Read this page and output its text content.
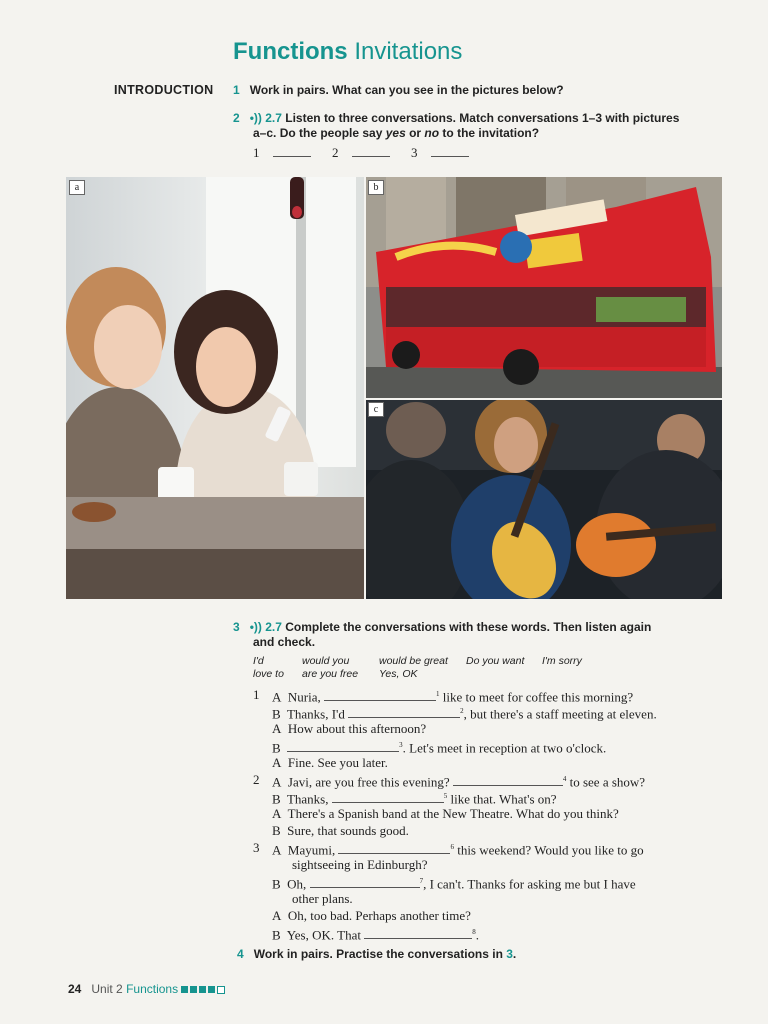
Functions Invitations
INTRODUCTION 1 Work in pairs. What can you see in the pictures below?
2 •)) 2.7 Listen to three conversations. Match conversations 1–3 with pictures
a–c. Do the people say yes or no to the invitation?
1	2	3
a	b
c
3 •)) 2.7 Complete the conversations with these words. Then listen again
and check.
I'd	would you	would be great Do you want I'm sorry
love to are you free Yes, OK
1 A Nuria,	$^1$ like to meet for coffee this morning?
B Thanks, I'd	$^2$, but there's a staff meeting at eleven.
A How about this afternoon?
B	$^3$. Let's meet in reception at two o'clock.
A Fine. See you later.
2 A Javi, are you free this evening?	$^4$ to see a show?
B Thanks,	$^5$ like that. What's on?
A There's a Spanish band at the New Theatre. What do you think?
B Sure, that sounds good.
3 A Mayumi,	$^6$ this weekend? Would you like to go
sightseeing in Edinburgh?
B Oh,	$^7$, I can't. Thanks for asking me but I have
other plans.
A Oh, too bad. Perhaps another time?
B Yes, OK. That	$^8$.
4 Work in pairs. Practise the conversations in 3.
24 Unit 2 Functions
